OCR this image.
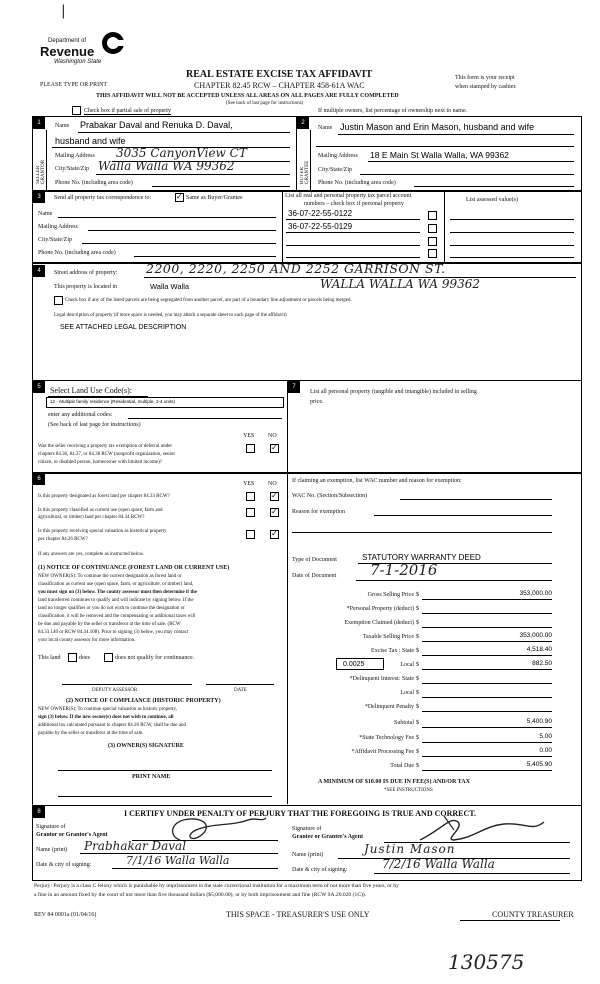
Department of
Revenue
Washington State
|
PLEASE TYPE OR PRINT
REAL ESTATE EXCISE TAX AFFIDAVIT
CHAPTER 82.45 RCW – CHAPTER 458-61A WAC
THIS AFFIDAVIT WILL NOT BE ACCEPTED UNLESS ALL AREAS ON ALL PAGES ARE FULLY COMPLETED
(See back of last page for instructions)
This form is your receipt
when stamped by cashier.
Check box if partial sale of property	If multiple owners, list percentage of ownership next to name.
1	2
SELLER GRANTOR	BUYER GRANTEE
Name Prabakar Daval and Renuka D. Daval,
husband and wife
Mailing Address 3035 CanyonView CT
City/State/Zip Walla Walla WA 99362
Phone No. (including area code)
Name Justin Mason and Erin Mason, husband and wife
Mailing Address 18 E Main St Walla Walla, WA 99362
City/State/Zip
Phone No. (including area code)
3	Send all property tax correspondence to:
✓	Same as Buyer/Grantee
Name
Mailing Address
City/State/Zip
Phone No. (including area code)
List all real and personal property tax parcel account
numbers – check box if personal property
List assessed value(s)
36-07-22-55-0122
36-07-22-55-0129
4	Street address of property: 2200, 2220, 2250 AND 2252 GARRISON ST.
This property is located in	Walla Walla	WALLA WALLA WA 99362
Check box if any of the listed parcels are being segregated from another parcel, are part of a boundary line adjustment or parcels being merged.
Legal description of property (if more space is needed, you may attach a separate sheet to each page of the affidavit)
SEE ATTACHED LEGAL DESCRIPTION
5	7
Select Land Use Code(s):
12 - Multiple family residence (Residential, multiple, 2-4 units)
enter any additional codes:
(See back of last page for instructions)
YES NO
Was the seller receiving a property tax exemption or deferral under
chapters 84.36, 84.37, or 84.38 RCW (nonprofit organization, senior
citizen, or disabled person, homeowner with limited income)?
✓
List all personal property (tangible and intangible) included in selling
price.
6
YES NO
Is this property designated as forest land per chapter 84.33 RCW?
✓
Is this property classified as current use (open space, farm and
agricultural, or timber) land per chapter 84.34 RCW?
✓
Is this property receiving special valuation as historical property
per chapter 84.26 RCW?
✓
If any answers are yes, complete as instructed below.
(1) NOTICE OF CONTINUANCE (FOREST LAND OR CURRENT USE)
NEW OWNER(S): To continue the current designation as forest land or
classification as current use (open space, farm, or agriculture, or timber) land,
you must sign on (3) below. The county assessor must then determine if the
land transferred continues to qualify and will indicate by signing below. If the
land no longer qualifies or you do not wish to continue the designation or
classification, it will be removed and the compensating or additional taxes will
be due and payable by the seller or transferor at the time of sale. (RCW
84.33.140 or RCW 84.34.108). Prior to signing (3) below, you may contact
your local county assessor for more information.
This land	does	does not qualify for continuance.
DEPUTY ASSESSOR	DATE
(2) NOTICE OF COMPLIANCE (HISTORIC PROPERTY)
NEW OWNER(S): To continue special valuation as historic property,
sign (3) below. If the new owner(s) does not wish to continue, all
additional tax calculated pursuant to chapter 84.26 RCW, shall be due and
payable by the seller or transferor at the time of sale.
(3) OWNER(S) SIGNATURE
PRINT NAME
If claiming an exemption, list WAC number and reason for exemption:
WAC No. (Section/Subsection)
Reason for exemption
Type of Document	STATUTORY WARRANTY DEED
Date of Document 7-1-2016
Gross Selling Price $	353,000.00
*Personal Property (deduct) $
Exemption Claimed (deduct) $
Taxable Selling Price $	353,000.00
Excise Tax : State $	4,518.40
0.0025	Local $	882.50
*Delinquent Interest: State $
Local $
*Delinquent Penalty $
Subtotal $	5,400.90
*State Technology Fee $	5.00
*Affidavit Processing Fee $	0.00
Total Due $	5,405.90
A MINIMUM OF $10.00 IS DUE IN FEE(S) AND/OR TAX
*SEE INSTRUCTIONS
8	I CERTIFY UNDER PENALTY OF PERJURY THAT THE FOREGOING IS TRUE AND CORRECT.
Signature of
Grantor or Grantor's Agent
Name (print) Prabhakar Daval
Date & city of signing:	7/1/16 Walla Walla
Signature of
Grantee or Grantee's Agent
Name (print)	Justin Mason
Date & city of signing:	7/2/16 Walla Walla
Perjury: Perjury is a class C felony which is punishable by imprisonment in the state correctional institution for a maximum term of not more than five years, or by
a fine in an amount fixed by the court of not more than five thousand dollars ($5,000.00), or by both imprisonment and fine (RCW 9A.20.020 (1C)).
REV 84 0001a (01/04/16)	THIS SPACE - TREASURER'S USE ONLY	COUNTY TREASURER
130575
